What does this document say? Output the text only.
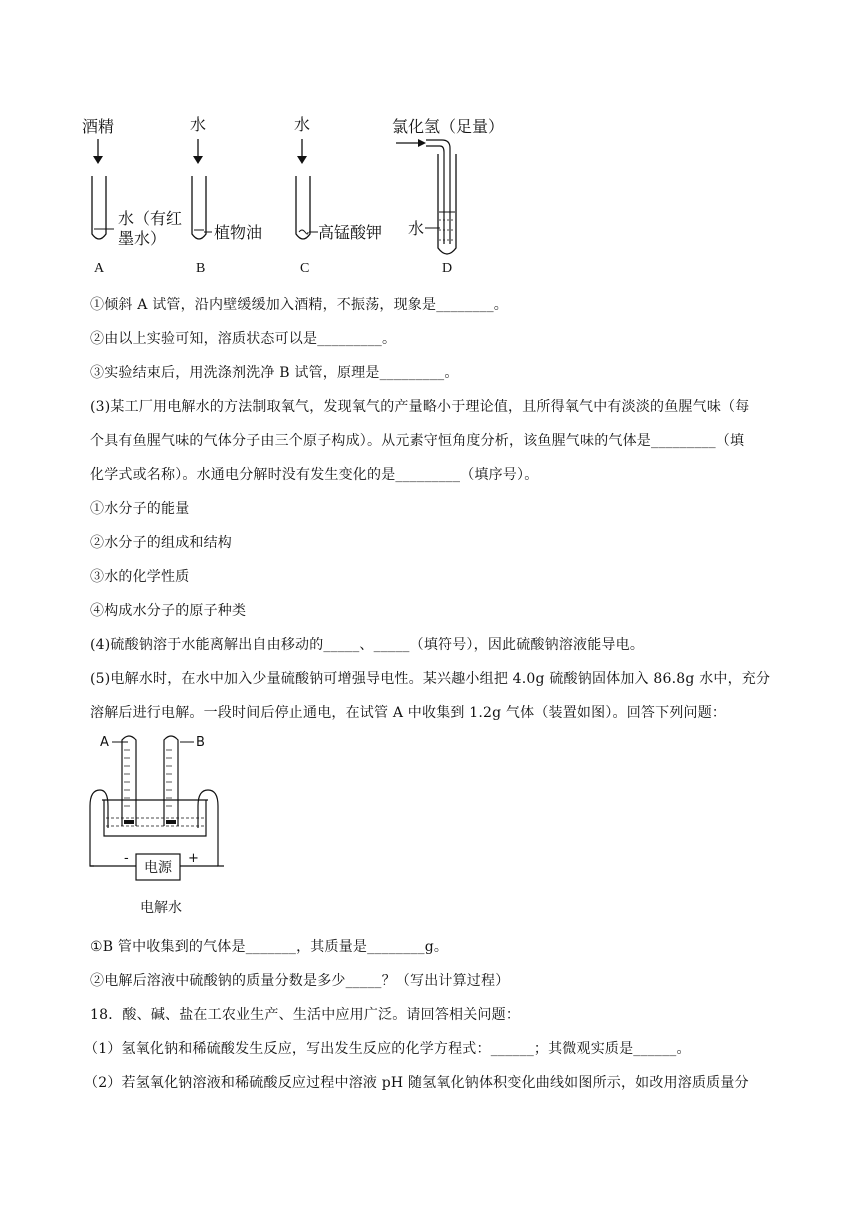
酒精
水（有红
墨水）
A
水
植物油
B
水
高锰酸钾
C
氯化氢（足量）
水
D
①倾斜 A 试管，沿内壁缓缓加入酒精，不振荡，现象是________。
②由以上实验可知，溶质状态可以是_________。
③实验结束后，用洗涤剂洗净 B 试管，原理是_________。
(3)某工厂用电解水的方法制取氧气，发现氧气的产量略小于理论值，且所得氧气中有淡淡的鱼腥气味（每
个具有鱼腥气味的气体分子由三个原子构成）。从元素守恒角度分析，该鱼腥气味的气体是_________（填
化学式或名称）。水通电分解时没有发生变化的是_________（填序号）。
①水分子的能量
②水分子的组成和结构
③水的化学性质
④构成水分子的原子种类
(4)硫酸钠溶于水能离解出自由移动的_____、_____（填符号），因此硫酸钠溶液能导电。
(5)电解水时，在水中加入少量硫酸钠可增强导电性。某兴趣小组把 4.0g 硫酸钠固体加入 86.8g 水中，充分
溶解后进行电解。一段时间后停止通电，在试管 A 中收集到 1.2g 气体（装置如图）。回答下列问题：
A	B
-	+
电源
电解水
①B 管中收集到的气体是_______，其质量是________g。
②电解后溶液中硫酸钠的质量分数是多少_____？（写出计算过程）
18．酸、碱、盐在工农业生产、生活中应用广泛。请回答相关问题：
（1）氢氧化钠和稀硫酸发生反应，写出发生反应的化学方程式：______；其微观实质是______。
（2）若氢氧化钠溶液和稀硫酸反应过程中溶液 pH 随氢氧化钠体积变化曲线如图所示，如改用溶质质量分
